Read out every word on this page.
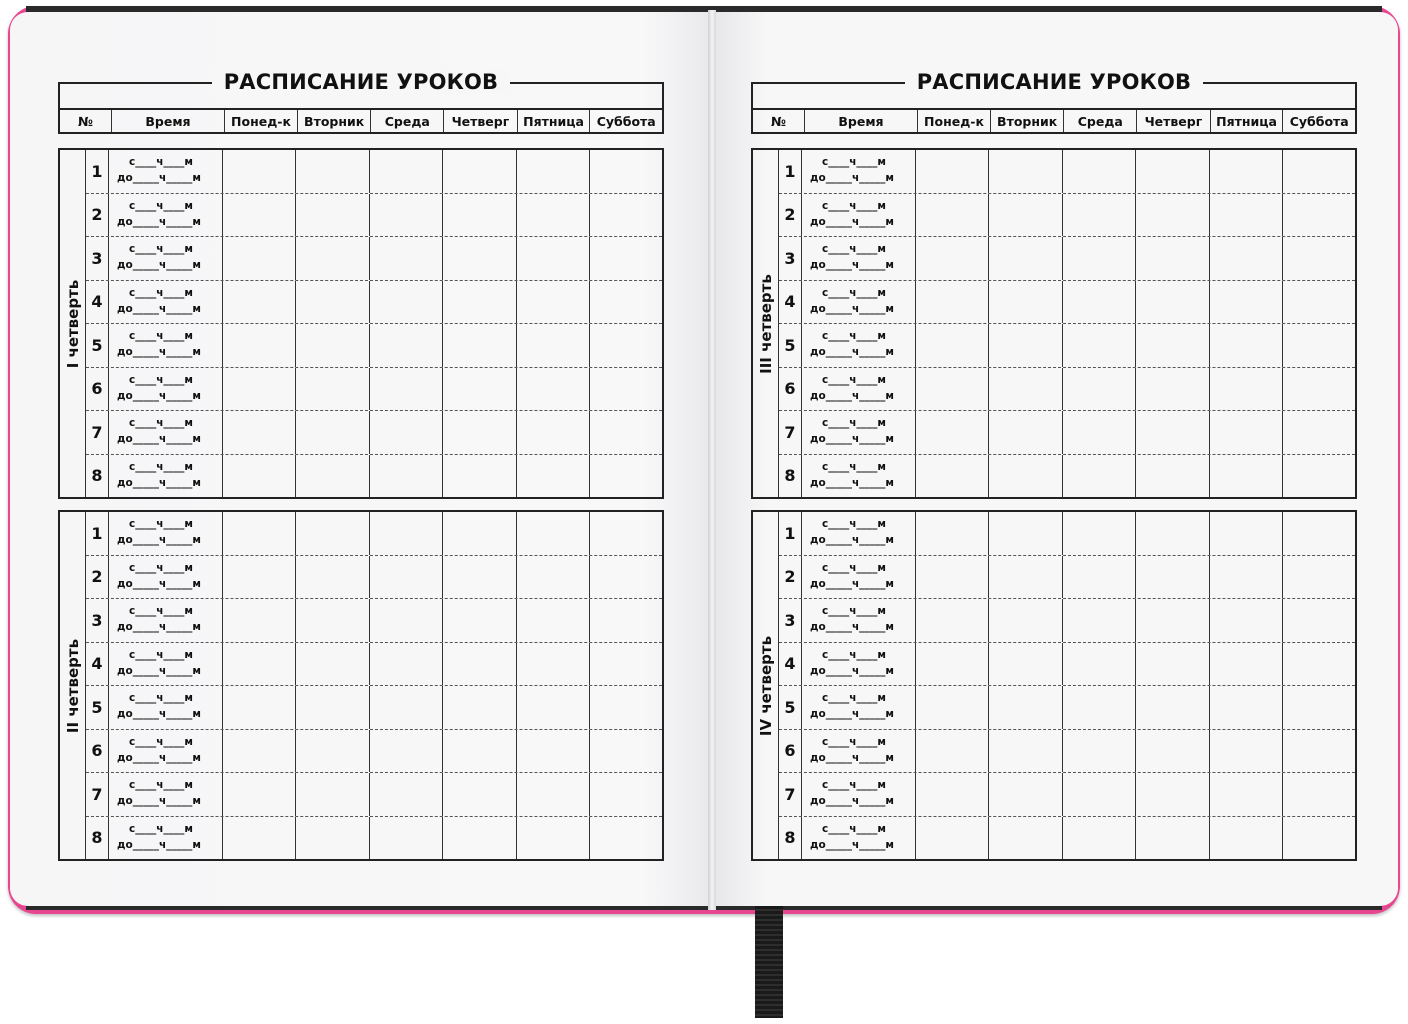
РАСПИСАНИЕ УРОКОВ
№	Время	Понед-к	Вторник	Среда	Четверг	Пятница	Суббота
I четверть
1	с____ч____м
до_____ч_____м
2	с____ч____м
до_____ч_____м
3	с____ч____м
до_____ч_____м
4	с____ч____м
до_____ч_____м
5	с____ч____м
до_____ч_____м
6	с____ч____м
до_____ч_____м
7	с____ч____м
до_____ч_____м
8	с____ч____м
до_____ч_____м
II четверть
1	с____ч____м
до_____ч_____м
2	с____ч____м
до_____ч_____м
3	с____ч____м
до_____ч_____м
4	с____ч____м
до_____ч_____м
5	с____ч____м
до_____ч_____м
6	с____ч____м
до_____ч_____м
7	с____ч____м
до_____ч_____м
8	с____ч____м
до_____ч_____м
РАСПИСАНИЕ УРОКОВ
№	Время	Понед-к	Вторник	Среда	Четверг	Пятница	Суббота
III четверть
1	с____ч____м
до_____ч_____м
2	с____ч____м
до_____ч_____м
3	с____ч____м
до_____ч_____м
4	с____ч____м
до_____ч_____м
5	с____ч____м
до_____ч_____м
6	с____ч____м
до_____ч_____м
7	с____ч____м
до_____ч_____м
8	с____ч____м
до_____ч_____м
IV четверть
1	с____ч____м
до_____ч_____м
2	с____ч____м
до_____ч_____м
3	с____ч____м
до_____ч_____м
4	с____ч____м
до_____ч_____м
5	с____ч____м
до_____ч_____м
6	с____ч____м
до_____ч_____м
7	с____ч____м
до_____ч_____м
8	с____ч____м
до_____ч_____м
